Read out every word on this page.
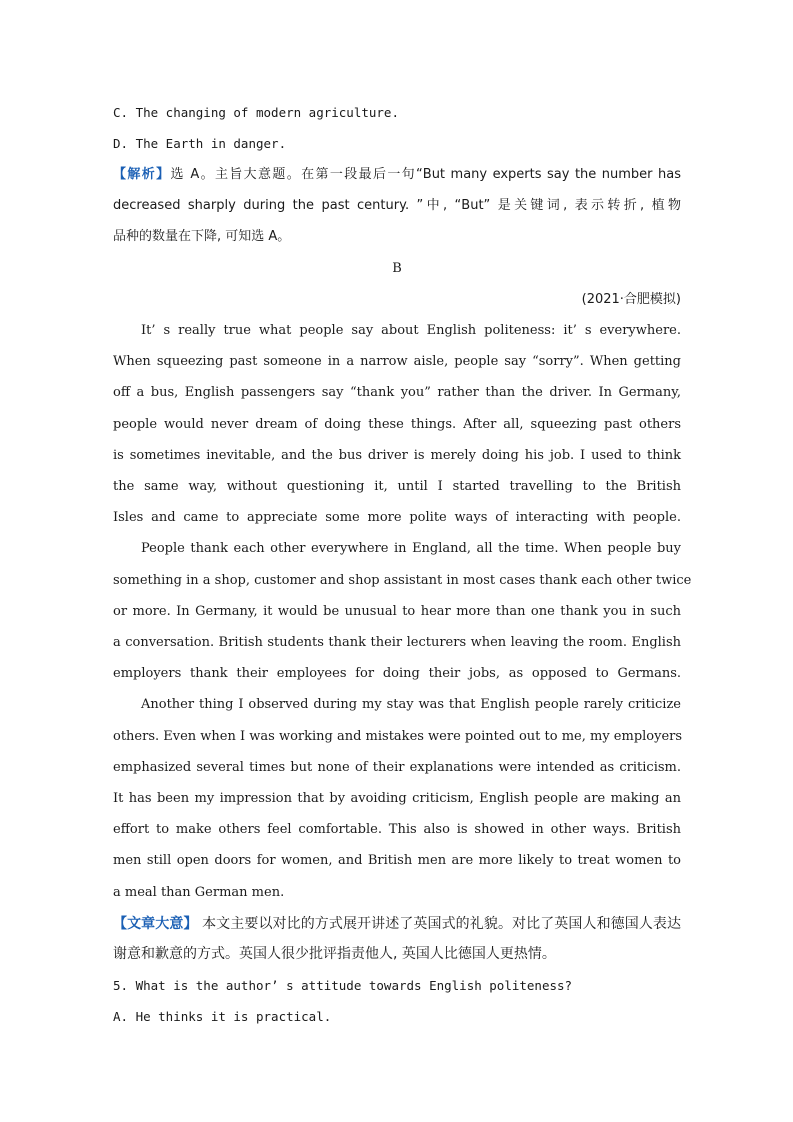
C. The changing of modern agriculture.
D. The Earth in danger.
【解析】选 A。主旨大意题。在第一段最后一句“But many experts say the number has
decreased sharply during the past century. ”中, “But” 是关键词, 表示转折, 植物
品种的数量在下降, 可知选 A。
B
(2021·合肥模拟)
It’ s really true what people say about English politeness: it’ s everywhere.
When squeezing past someone in a narrow aisle, people say “sorry”. When getting
off a bus, English passengers say “thank you” rather than the driver. In Germany,
people would never dream of doing these things. After all, squeezing past others
is sometimes inevitable, and the bus driver is merely doing his job. I used to think
the same way, without questioning it, until I started travelling to the British
Isles and came to appreciate some more polite ways of interacting with people.
People thank each other everywhere in England, all the time. When people buy
something in a shop, customer and shop assistant in most cases thank each other twice
or more. In Germany, it would be unusual to hear more than one thank you in such
a conversation. British students thank their lecturers when leaving the room. English
employers thank their employees for doing their jobs, as opposed to Germans.
Another thing I observed during my stay was that English people rarely criticize
others. Even when I was working and mistakes were pointed out to me, my employers
emphasized several times but none of their explanations were intended as criticism.
It has been my impression that by avoiding criticism, English people are making an
effort to make others feel comfortable. This also is showed in other ways. British
men still open doors for women, and British men are more likely to treat women to
a meal than German men.
【文章大意】 本文主要以对比的方式展开讲述了英国式的礼貌。对比了英国人和德国人表达
谢意和歉意的方式。英国人很少批评指责他人, 英国人比德国人更热情。
5. What is the author’ s attitude towards English politeness?
A. He thinks it is practical.
